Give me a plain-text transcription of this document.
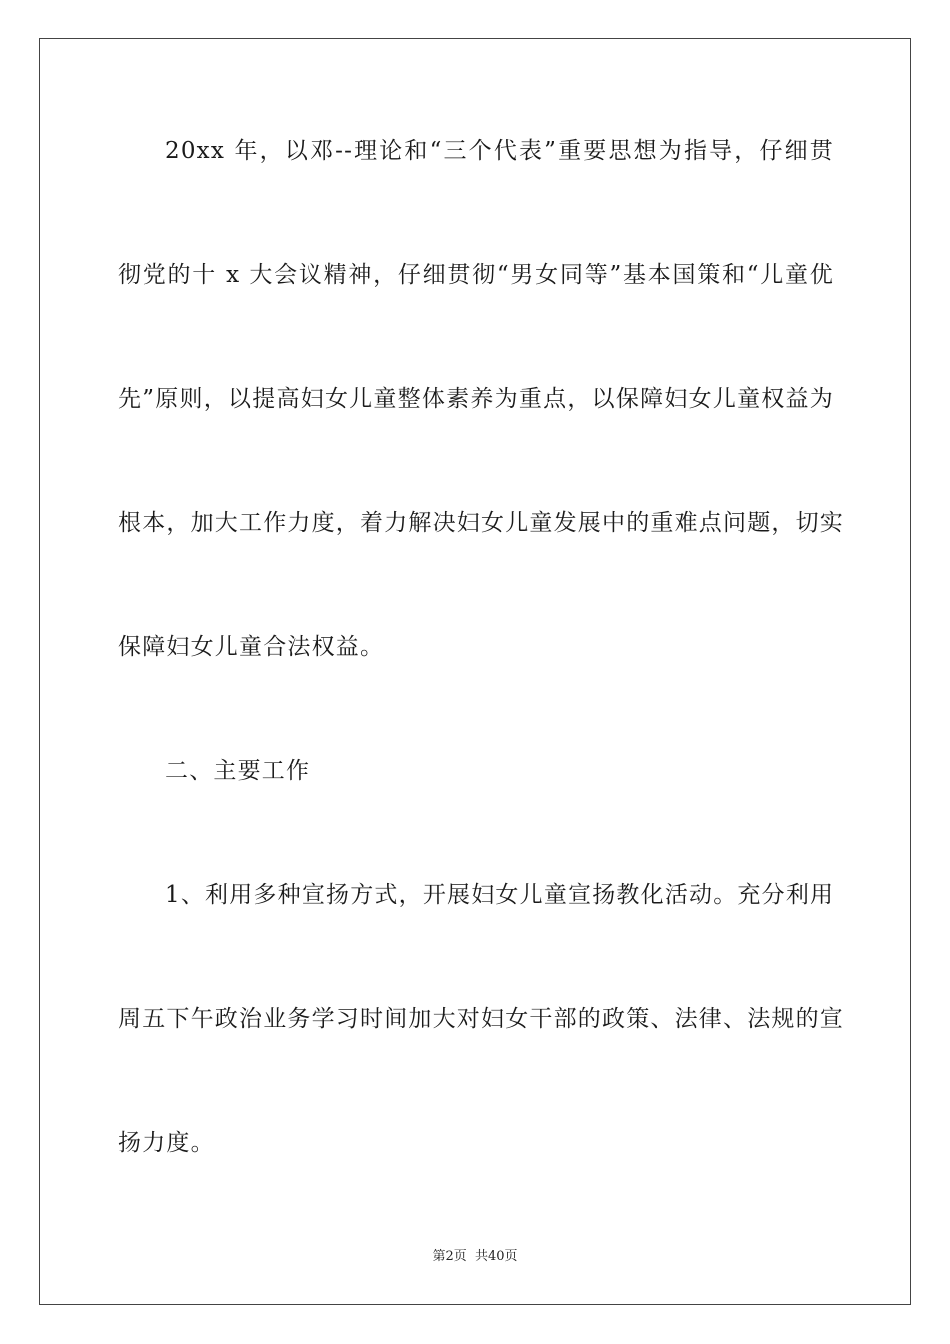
20xx 年，以邓--理论和“三个代表”重要思想为指导，仔细贯
彻党的十 x 大会议精神，仔细贯彻“男女同等”基本国策和“儿童优
先”原则，以提高妇女儿童整体素养为重点，以保障妇女儿童权益为
根本，加大工作力度，着力解决妇女儿童发展中的重难点问题，切实
保障妇女儿童合法权益。
二、主要工作
1、利用多种宣扬方式，开展妇女儿童宣扬教化活动。充分利用
周五下午政治业务学习时间加大对妇女干部的政策、法律、法规的宣
扬力度。
第2页 共40页
